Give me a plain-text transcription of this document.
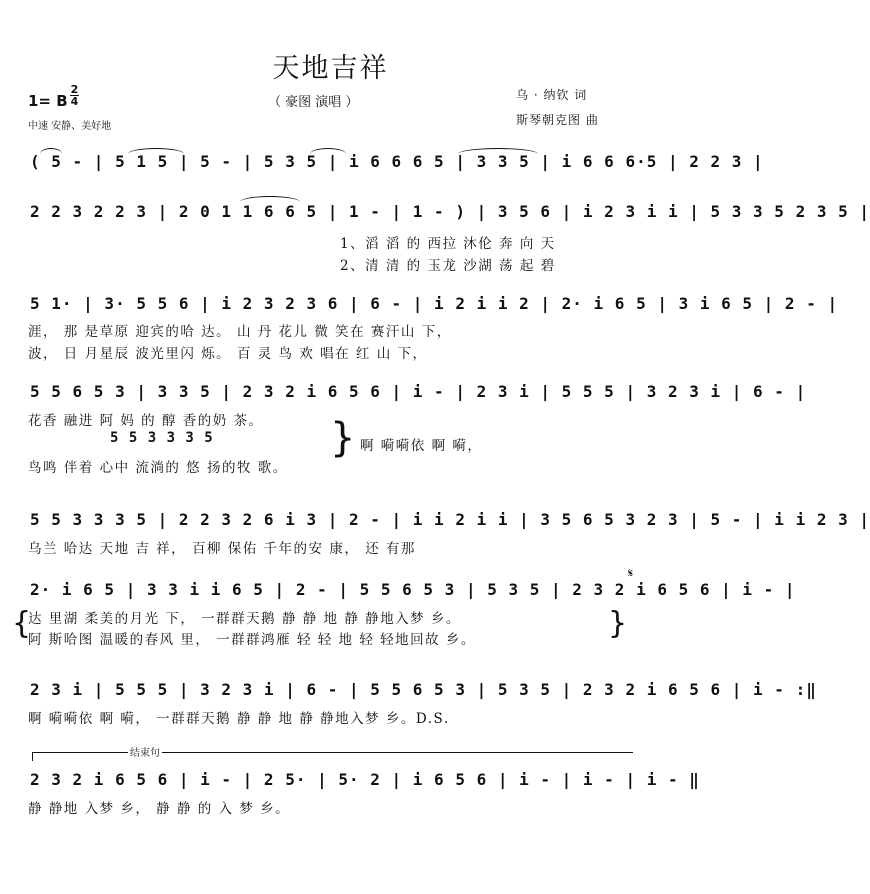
天地吉祥
（ 豪图 演唱 ）
1= B
2
4
中速 安静、美好地
乌 · 纳钦 词
斯琴朝克图 曲
( 5 - | 5 1 5 | 5 - | 5 3 5 | i 6 6 6 5 | 3 3 5 | i 6 6 6·5 | 2 2 3 |
2 2 3 2 2 3 | 2 0 1 1 6 6 5 | 1 - | 1 - ) | 3 5 6 | i 2 3 i i | 5 3 3 5 2 3 5 |
1、滔 滔 的 西拉 沐伦 奔 向 天
2、清 清 的 玉龙 沙湖 荡 起 碧
5 1· | 3· 5 5 6 | i 2 3 2 3 6 | 6 - | i 2 i i 2 | 2· i 6 5 | 3 i 6 5 | 2 - |
涯， 那 是草原 迎宾的哈 达。 山 丹 花儿 微 笑在 赛汗山 下，
波， 日 月星辰 波光里闪 烁。 百 灵 鸟 欢 唱在 红 山 下，
5 5 6 5 3 | 3 3 5 | 2 3 2 i 6 5 6 | i - | 2 3 i | 5 5 5 | 3 2 3 i | 6 - |
花香 融进 阿 妈 的 醇 香的奶 茶。
5 5 3 3 3 5	} 啊 嗬嗬依 啊 嗬，
鸟鸣 伴着 心中 流淌的 悠 扬的牧 歌。
5 5 3 3 3 5 | 2 2 3 2 6 i 3 | 2 - | i i 2 i i | 3 5 6 5 3 2 3 | 5 - | i i 2 3 |
乌兰 哈达 天地 吉 祥， 百柳 保佑 千年的安 康， 还 有那
2· i 6 5 | 3 3 i i 6 5 | 2 - | 5 5 6 5 3 | 5 3 5 | 2 3 2 i 6 5 6 | i - |
𝄋
{
达 里湖 柔美的月光 下， 一群群天鹅 静 静 地 静 静地入梦 乡。
阿 斯哈图 温暖的春风 里， 一群群鸿雁 轻 轻 地 轻 轻地回故 乡。	}
2 3 i | 5 5 5 | 3 2 3 i | 6 - | 5 5 6 5 3 | 5 3 5 | 2 3 2 i 6 5 6 | i - :‖
啊 嗬嗬依 啊 嗬， 一群群天鹅 静 静 地 静 静地入梦 乡。D.S.
结束句
2 3 2 i 6 5 6 | i - | 2 5· | 5· 2 | i 6 5 6 | i - | i - | i - ‖
静 静地 入梦 乡， 静 静 的 入 梦 乡。
